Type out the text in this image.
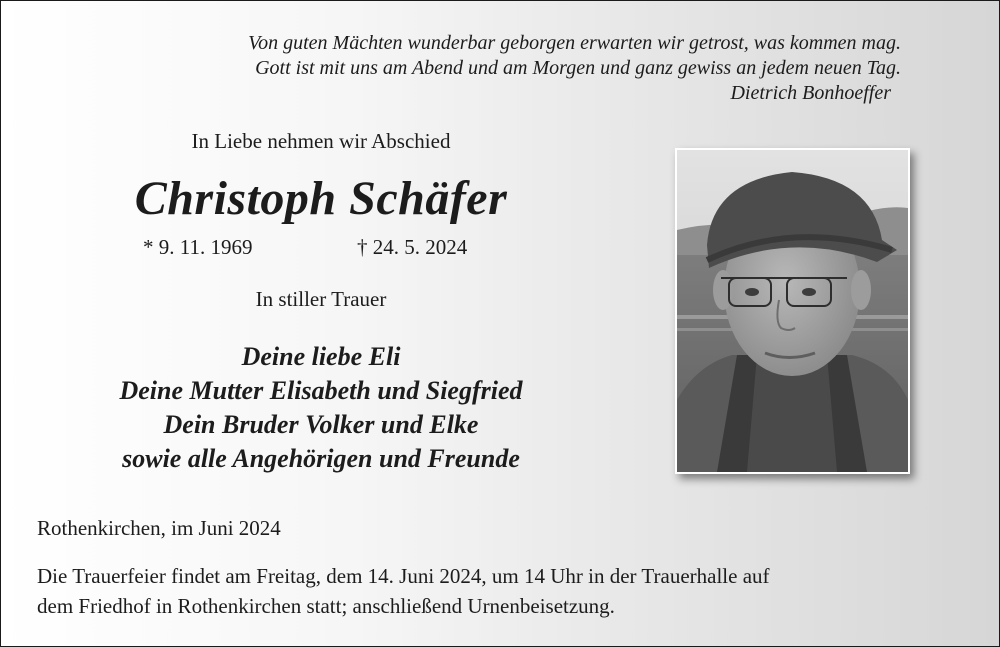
Von guten Mächten wunderbar geborgen erwarten wir getrost, was kommen mag.
Gott ist mit uns am Abend und am Morgen und ganz gewiss an jedem neuen Tag.
Dietrich Bonhoeffer
In Liebe nehmen wir Abschied
Christoph Schäfer
* 9. 11. 1969	† 24. 5. 2024
In stiller Trauer
Deine liebe Eli
Deine Mutter Elisabeth und Siegfried
Dein Bruder Volker und Elke
sowie alle Angehörigen und Freunde
Rothenkirchen, im Juni 2024
Die Trauerfeier findet am Freitag, dem 14. Juni 2024, um 14 Uhr in der Trauerhalle auf
dem Friedhof in Rothenkirchen statt; anschließend Urnenbeisetzung.
